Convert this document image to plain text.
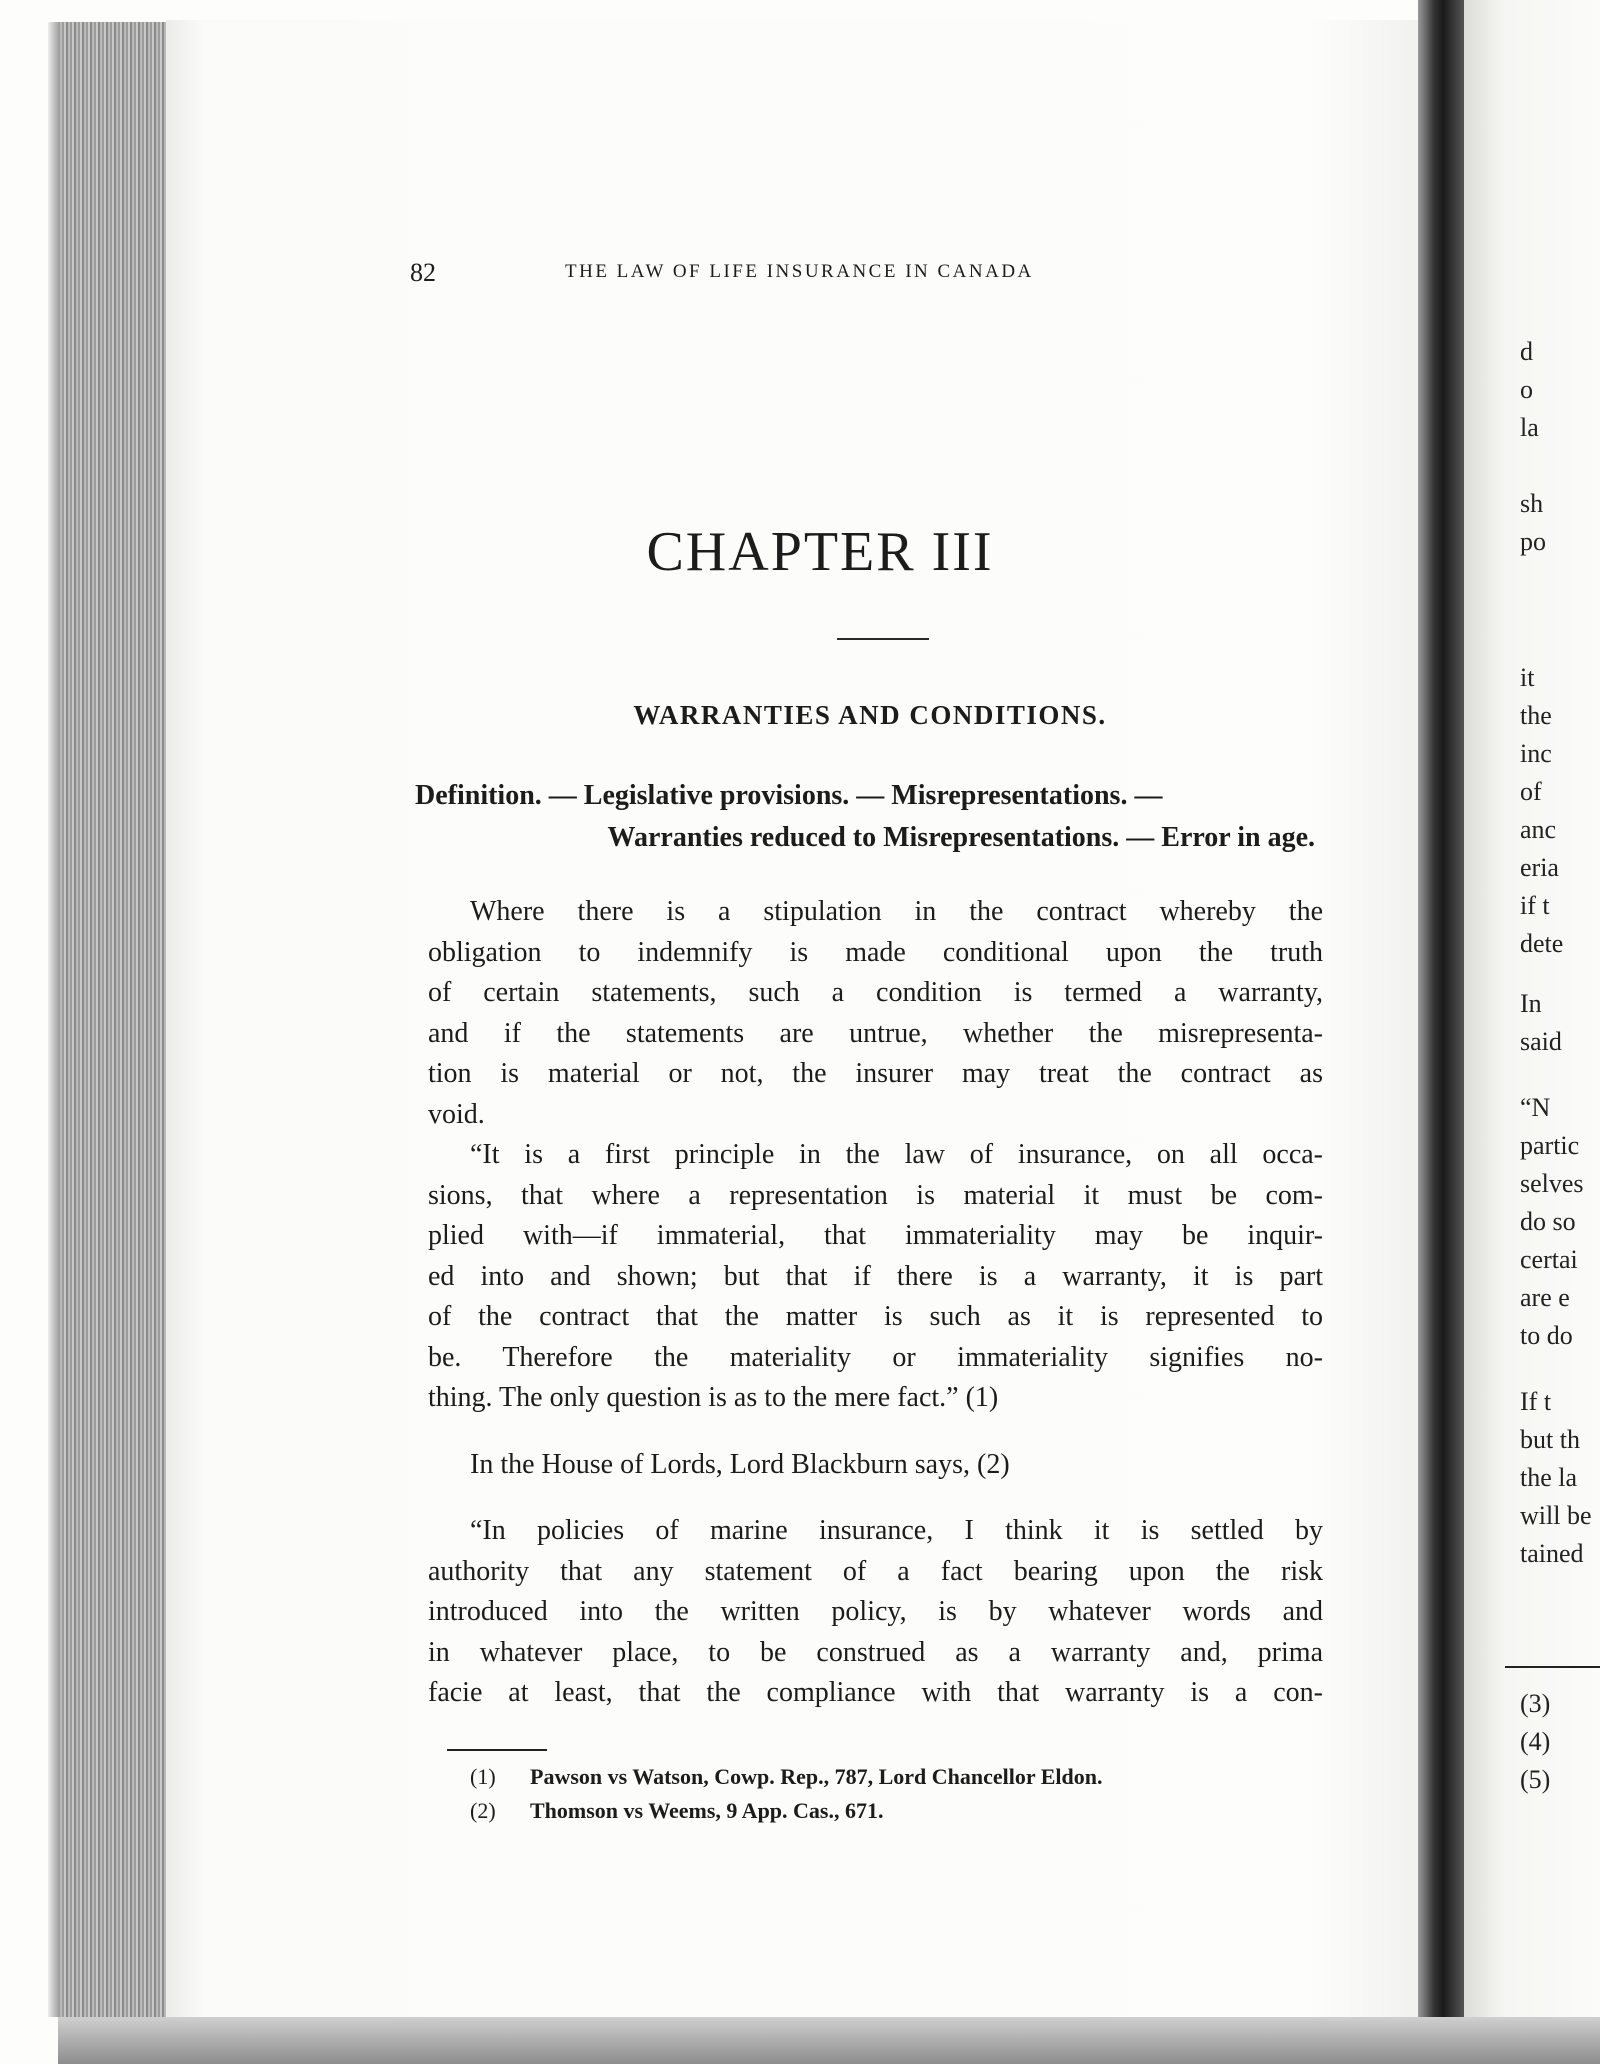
82	THE LAW OF LIFE INSURANCE IN CANADA
CHAPTER III
WARRANTIES AND CONDITIONS.
Definition. — Legislative provisions. — Misrepresentations. —
Warranties reduced to Misrepresentations. — Error in age.

Where there is a stipulation in the contract whereby the
obligation to indemnify is made conditional upon the truth
of certain statements, such a condition is termed a warranty,
and if the statements are untrue, whether the misrepresenta-
tion is material or not, the insurer may treat the contract as
void.

“It is a first principle in the law of insurance, on all occa-
sions, that where a representation is material it must be com-
plied with—if immaterial, that immateriality may be inquir-
ed into and shown; but that if there is a warranty, it is part
of the contract that the matter is such as it is represented to
be. Therefore the materiality or immateriality signifies no-
thing. The only question is as to the mere fact.” (1)

In the House of Lords, Lord Blackburn says, (2)

“In policies of marine insurance, I think it is settled by
authority that any statement of a fact bearing upon the risk
introduced into the written policy, is by whatever words and
in whatever place, to be construed as a warranty and, prima
facie at least, that the compliance with that warranty is a con-

(1) Pawson vs Watson, Cowp. Rep., 787, Lord Chancellor Eldon.
(2) Thomson vs Weems, 9 App. Cas., 671.
d
o
la
sh
po
it
the
inc
of
anc
eria
if t
dete
In
said
“N
partic
selves
do so
certai
are e
to do
If t
but th
the la
will be
tained
(3)
(4)
(5)
